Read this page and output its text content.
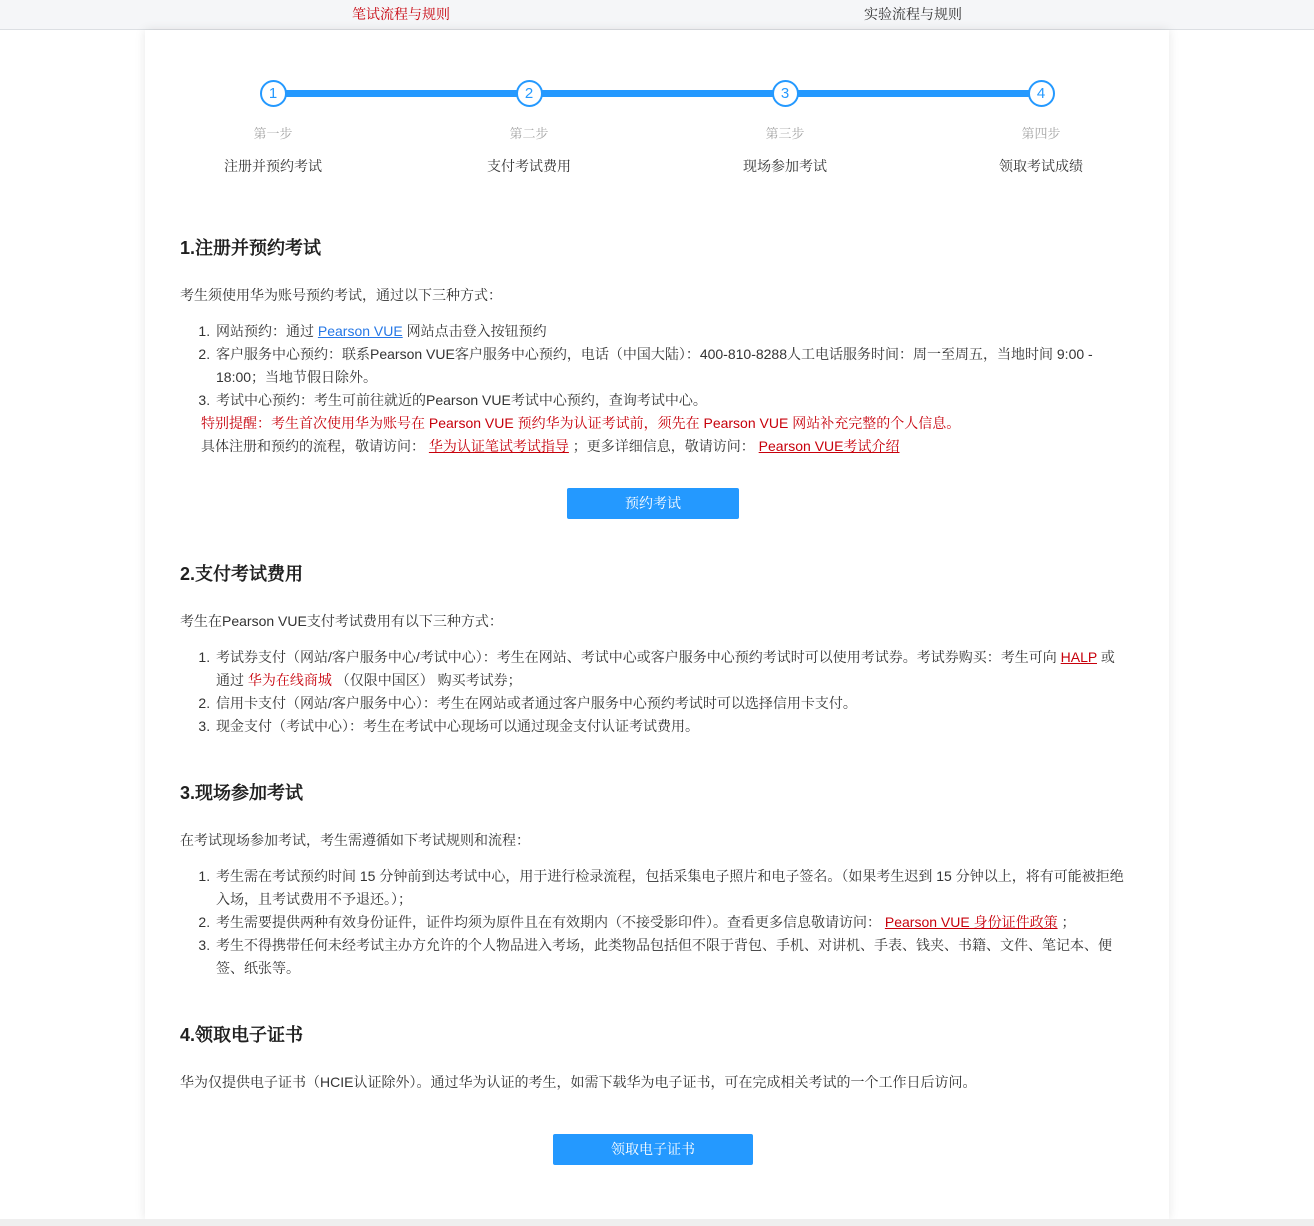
笔试流程与规则	实验流程与规则
1
第一步
注册并预约考试
2
第二步
支付考试费用
3
第三步
现场参加考试
4
第四步
领取考试成绩
1.注册并预约考试

考生须使用华为账号预约考试，通过以下三种方式：

1. 网站预约：通过 Pearson VUE 网站点击登入按钮预约
2. 客户服务中心预约：联系Pearson VUE客户服务中心预约，电话（中国大陆）：400-810-8288人工电话服务时间：周一至周五，当地时间 9:00 - 18:00；当地节假日除外。
3. 考试中心预约：考生可前往就近的Pearson VUE考试中心预约，查询考试中心。
特别提醒：考生首次使用华为账号在 Pearson VUE 预约华为认证考试前，须先在 Pearson VUE 网站补充完整的个人信息。
具体注册和预约的流程，敬请访问： 华为认证笔试考试指导 ；更多详细信息，敬请访问： Pearson VUE考试介绍
预约考试
2.支付考试费用

考生在Pearson VUE支付考试费用有以下三种方式：

1. 考试券支付（网站/客户服务中心/考试中心）：考生在网站、考试中心或客户服务中心预约考试时可以使用考试券。考试券购买：考生可向 HALP 或通过 华为在线商城 （仅限中国区） 购买考试券；
2. 信用卡支付（网站/客户服务中心）：考生在网站或者通过客户服务中心预约考试时可以选择信用卡支付。
3. 现金支付（考试中心）：考生在考试中心现场可以通过现金支付认证考试费用。
3.现场参加考试

在考试现场参加考试，考生需遵循如下考试规则和流程：

1. 考生需在考试预约时间 15 分钟前到达考试中心，用于进行检录流程，包括采集电子照片和电子签名。（如果考生迟到 15 分钟以上，将有可能被拒绝入场，且考试费用不予退还。）；
2. 考生需要提供两种有效身份证件，证件均须为原件且在有效期内（不接受影印件）。查看更多信息敬请访问： Pearson VUE 身份证件政策 ；
3. 考生不得携带任何未经考试主办方允许的个人物品进入考场，此类物品包括但不限于背包、手机、对讲机、手表、钱夹、书籍、文件、笔记本、便签、纸张等。
4.领取电子证书

华为仅提供电子证书（HCIE认证除外）。通过华为认证的考生，如需下载华为电子证书，可在完成相关考试的一个工作日后访问。

领取电子证书
